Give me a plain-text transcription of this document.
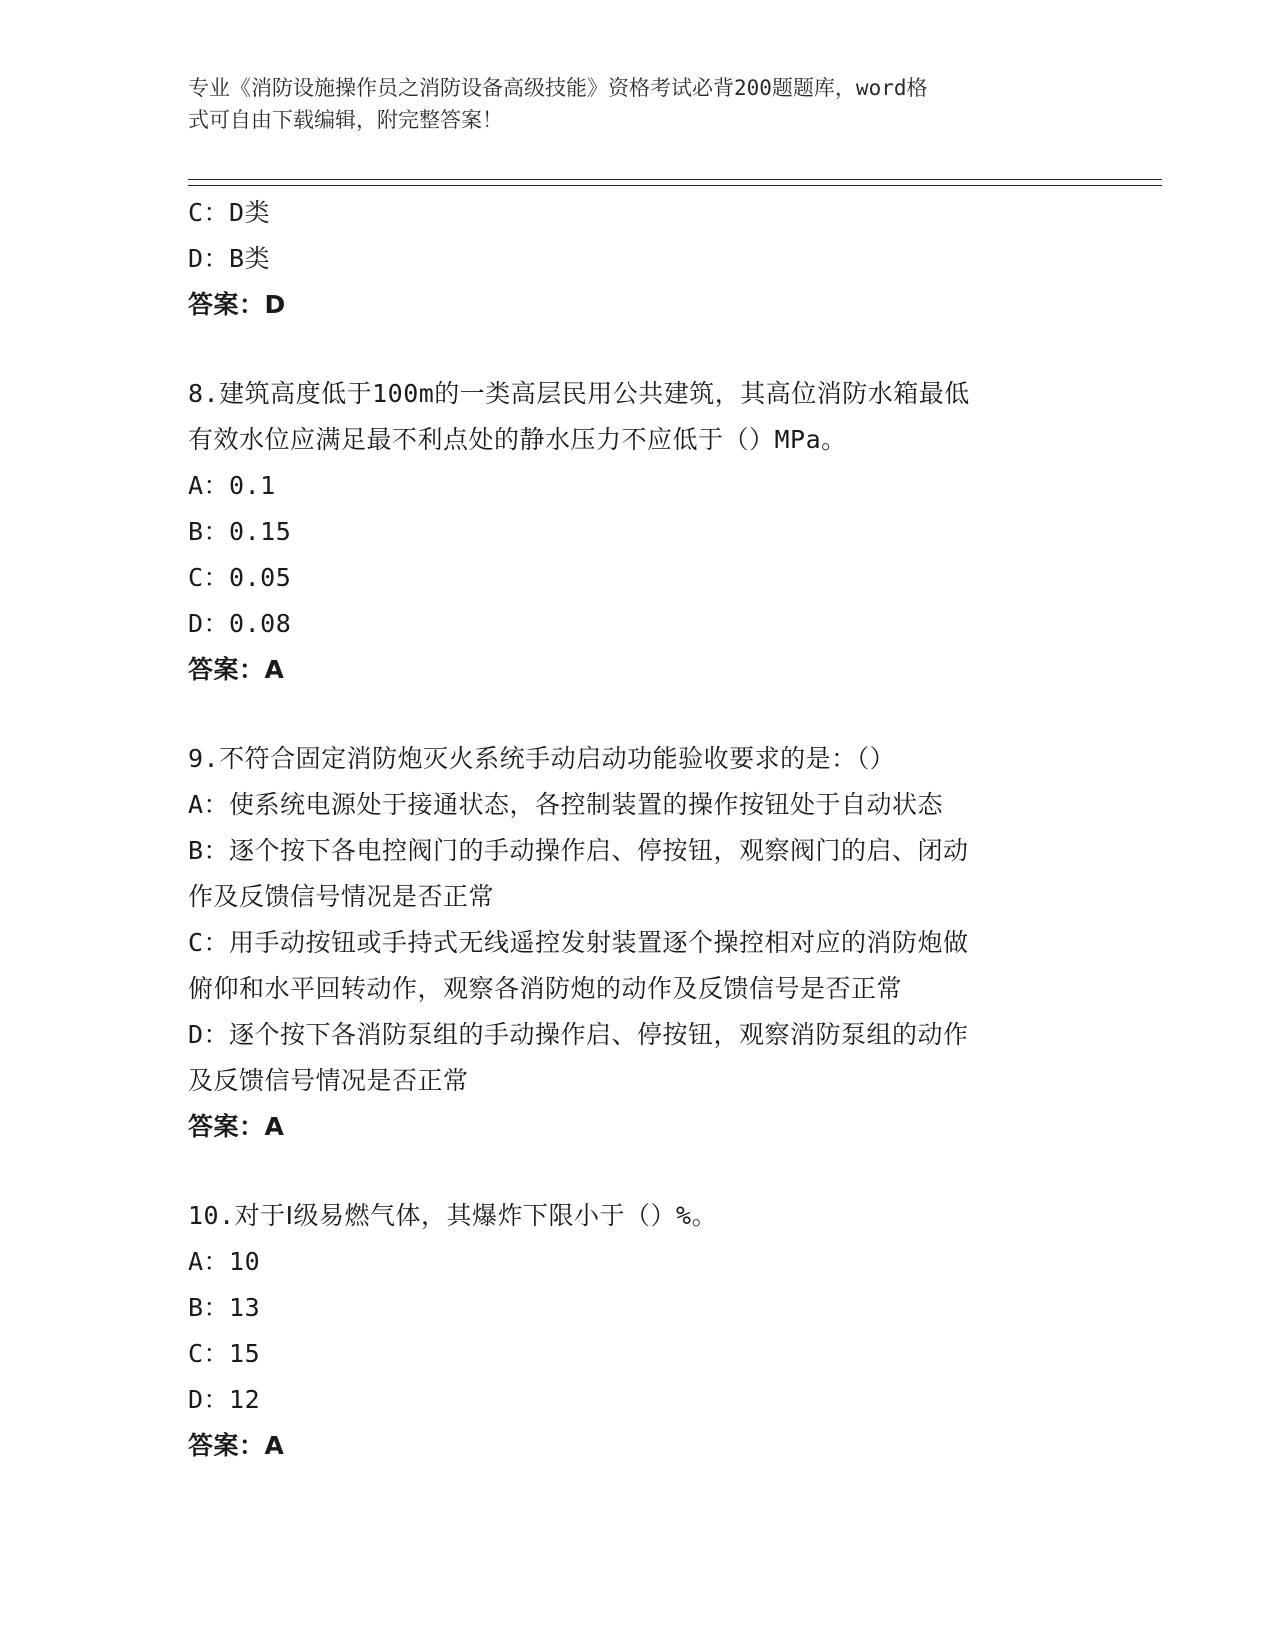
专业《消防设施操作员之消防设备高级技能》资格考试必背200题题库，word格
式可自由下载编辑，附完整答案！

C：D类

D：B类

答案：D

8.建筑高度低于100m的一类高层民用公共建筑，其高位消防水箱最低

有效水位应满足最不利点处的静水压力不应低于（）MPa。

A：0.1

B：0.15

C：0.05

D：0.08

答案：A

9.不符合固定消防炮灭火系统手动启动功能验收要求的是：（）

A：使系统电源处于接通状态，各控制装置的操作按钮处于自动状态

B：逐个按下各电控阀门的手动操作启、停按钮，观察阀门的启、闭动

作及反馈信号情况是否正常

C：用手动按钮或手持式无线遥控发射装置逐个操控相对应的消防炮做

俯仰和水平回转动作，观察各消防炮的动作及反馈信号是否正常

D：逐个按下各消防泵组的手动操作启、停按钮，观察消防泵组的动作

及反馈信号情况是否正常

答案：A

10.对于Ⅰ级易燃气体，其爆炸下限小于（）%。

A：10

B：13

C：15

D：12

答案：A
